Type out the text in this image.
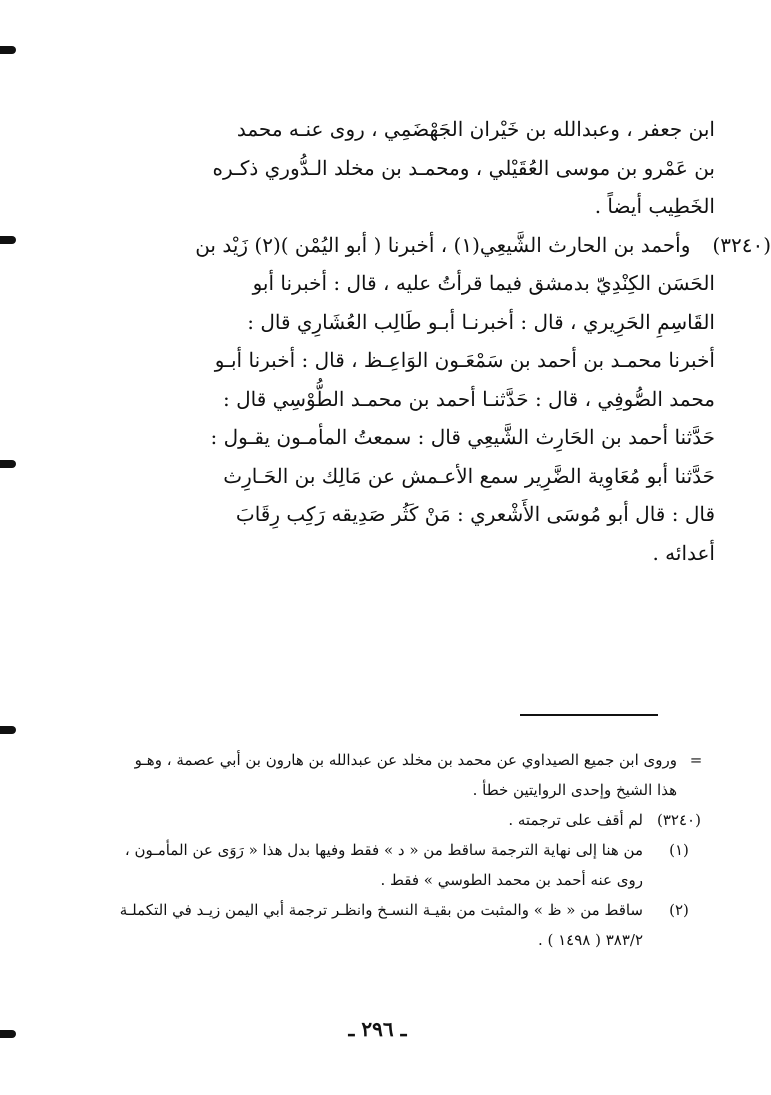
ابن جعفر ، وعبدالله بن خَيْران الجَهْضَمِي ، روى عنـه محمد

بن عَمْرو بن موسى العُقَيْلي ، ومحمـد بن مخلد الـدُّوري ذكـره

الخَطِيب أيضاً .

(٣٢٤٠)وأحمد بن الحارث الشَّيعِي(١) ، أخبرنا ( أبو اليُمْن )(٢) زَيْد بن

الحَسَن الكِنْدِيّ بدمشق فيما قرأتُ عليه ، قال : أخبرنا أبو

القَاسِمِ الحَرِيري ، قال : أخبرنـا أبـو طَالِب العُشَارِي قال :

أخبرنا محمـد بن أحمد بن سَمْعَـون الوَاعِـظ ، قال : أخبرنا أبـو

محمد الصُّوفِي ، قال : حَدَّثنـا أحمد بن محمـد الطُّوْسِي قال :

حَدَّثنا أحمد بن الحَارِث الشَّيعِي قال : سمعتُ المأمـون يقـول :

حَدَّثنا أبو مُعَاوِية الضَّرِير سمع الأعـمش عن مَالِك بن الحَـارِث

قال : قال أبو مُوسَى الأَشْعري : مَنْ كَثُر صَدِيقه رَكِب رِقَابَ

أعدائه .

=

وروى ابن جميع الصيداوي عن محمد بن مخلد عن عبدالله بن هارون بن أبي عصمة ، وهـو

هذا الشيخ وإحدى الروايتين خطأ .

(٣٢٤٠)

لم أقف على ترجمته .

(١)

من هنا إلى نهاية الترجمة ساقط من « د » فقط وفيها بدل هذا « رَوَى عن المأمـون ،

روى عنه أحمد بن محمد الطوسي » فقط .

(٢)

ساقط من « ظ » والمثبت من بقيـة النسـخ وانظـر ترجمة أبي اليمن زيـد في التكملـة

٣٨٣/٢ ( ١٤٩٨ ) .

ـ ٢٩٦ ـ
